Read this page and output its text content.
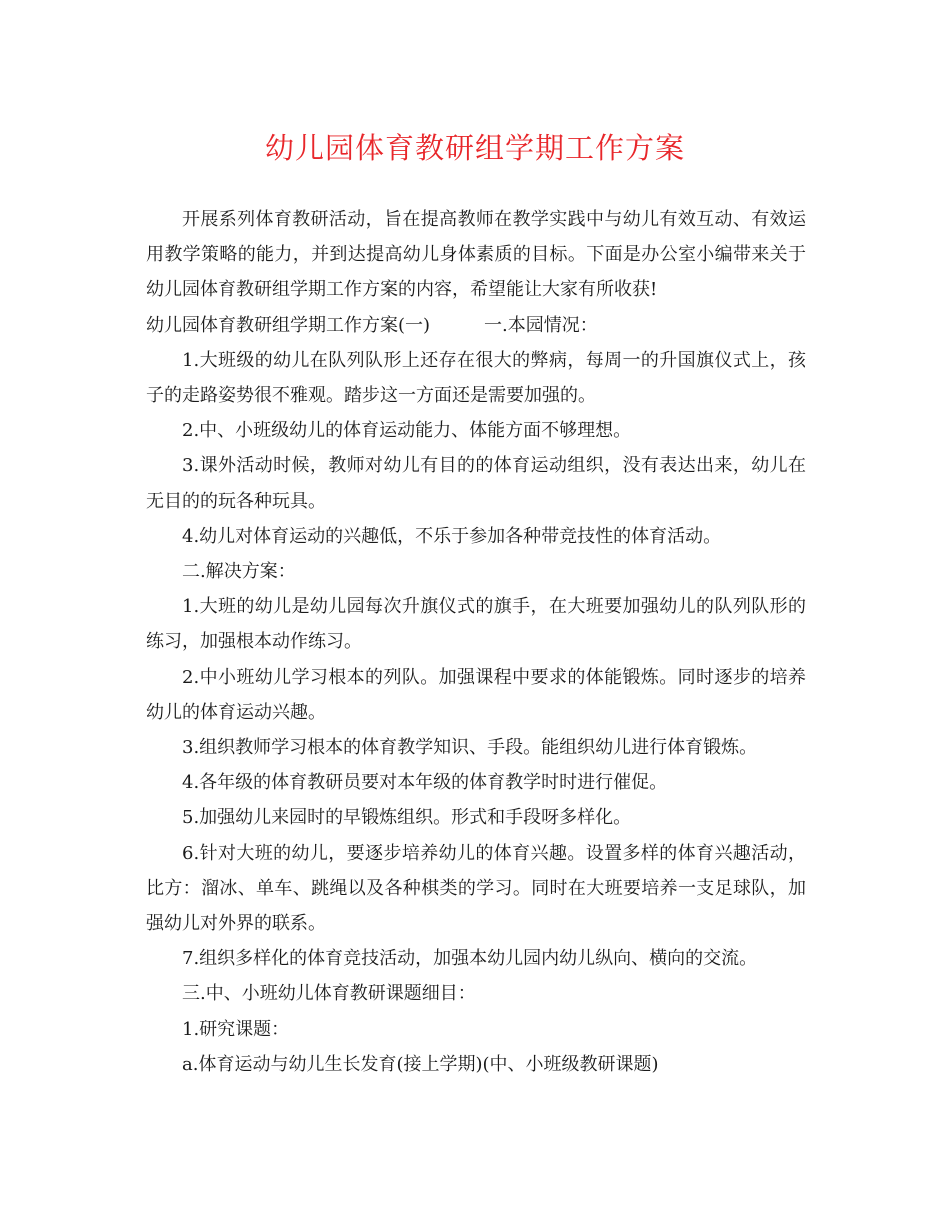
幼儿园体育教研组学期工作方案

开展系列体育教研活动，旨在提高教师在教学实践中与幼儿有效互动、有效运用教学策略的能力，并到达提高幼儿身体素质的目标。下面是办公室小编带来关于幼儿园体育教研组学期工作方案的内容，希望能让大家有所收获!

幼儿园体育教研组学期工作方案(一)	一.本园情况：

1.大班级的幼儿在队列队形上还存在很大的弊病，每周一的升国旗仪式上，孩子的走路姿势很不雅观。踏步这一方面还是需要加强的。

2.中、小班级幼儿的体育运动能力、体能方面不够理想。

3.课外活动时候，教师对幼儿有目的的体育运动组织，没有表达出来，幼儿在无目的的玩各种玩具。

4.幼儿对体育运动的兴趣低，不乐于参加各种带竞技性的体育活动。

二.解决方案：

1.大班的幼儿是幼儿园每次升旗仪式的旗手，在大班要加强幼儿的队列队形的练习，加强根本动作练习。

2.中小班幼儿学习根本的列队。加强课程中要求的体能锻炼。同时逐步的培养幼儿的体育运动兴趣。

3.组织教师学习根本的体育教学知识、手段。能组织幼儿进行体育锻炼。

4.各年级的体育教研员要对本年级的体育教学时时进行催促。

5.加强幼儿来园时的早锻炼组织。形式和手段呀多样化。

6.针对大班的幼儿，要逐步培养幼儿的体育兴趣。设置多样的体育兴趣活动，比方：溜冰、单车、跳绳以及各种棋类的学习。同时在大班要培养一支足球队，加强幼儿对外界的联系。

7.组织多样化的体育竞技活动，加强本幼儿园内幼儿纵向、横向的交流。

三.中、小班幼儿体育教研课题细目：

1.研究课题：

a.体育运动与幼儿生长发育(接上学期)(中、小班级教研课题)
